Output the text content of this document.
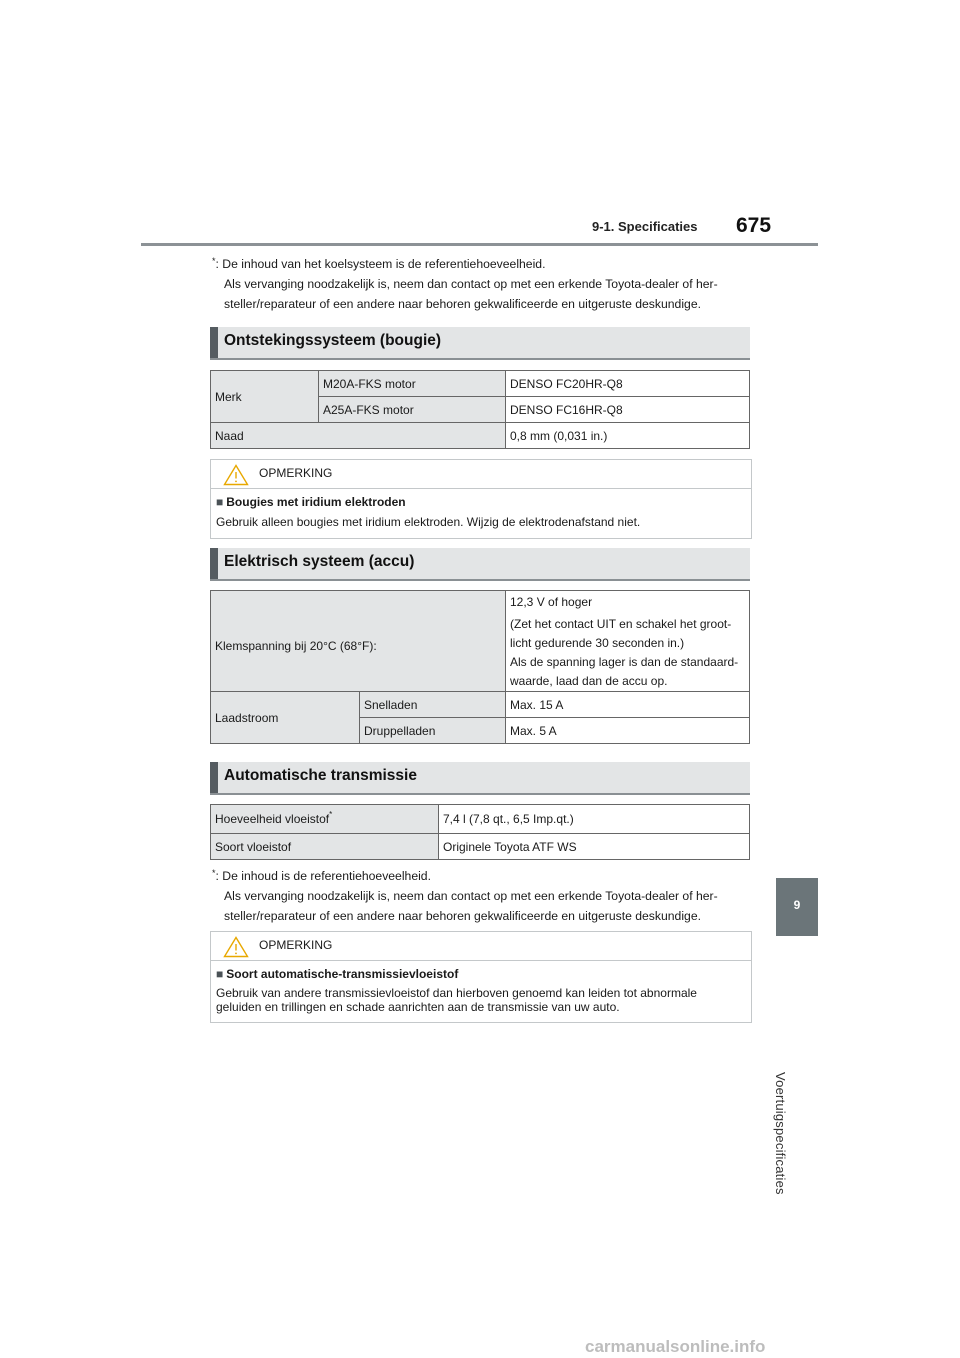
9-1. Specificaties 675
*: De inhoud van het koelsysteem is de referentiehoeveelheid.
Als vervanging noodzakelijk is, neem dan contact op met een erkende Toyota-dealer of her-
steller/reparateur of een andere naar behoren gekwalificeerde en uitgeruste deskundige.
Ontstekingssysteem (bougie)
Merk	M20A-FKS motor	DENSO FC20HR-Q8
	A25A-FKS motor	DENSO FC16HR-Q8
Naad		0,8 mm (0,031 in.)
OPMERKING
■ Bougies met iridium elektroden
Gebruik alleen bougies met iridium elektroden. Wijzig de elektrodenafstand niet.
Elektrisch systeem (accu)
Klemspanning bij 20°C (68°F):		12,3 V of hoger
(Zet het contact UIT en schakel het groot-
licht gedurende 30 seconden in.)
Als de spanning lager is dan de standaard-
waarde, laad dan de accu op.

Laadstroom	Snelladen	Max. 15 A
	Druppelladen	Max. 5 A
Automatische transmissie
Hoeveelheid vloeistof*	7,4 l (7,8 qt., 6,5 Imp.qt.)
Soort vloeistof	Originele Toyota ATF WS
*: De inhoud is de referentiehoeveelheid.
Als vervanging noodzakelijk is, neem dan contact op met een erkende Toyota-dealer of her-
steller/reparateur of een andere naar behoren gekwalificeerde en uitgeruste deskundige.
OPMERKING
■ Soort automatische-transmissievloeistof
Gebruik van andere transmissievloeistof dan hierboven genoemd kan leiden tot abnormale
geluiden en trillingen en schade aanrichten aan de transmissie van uw auto.
9
Voertuigspecificaties
carmanualsonline.info
